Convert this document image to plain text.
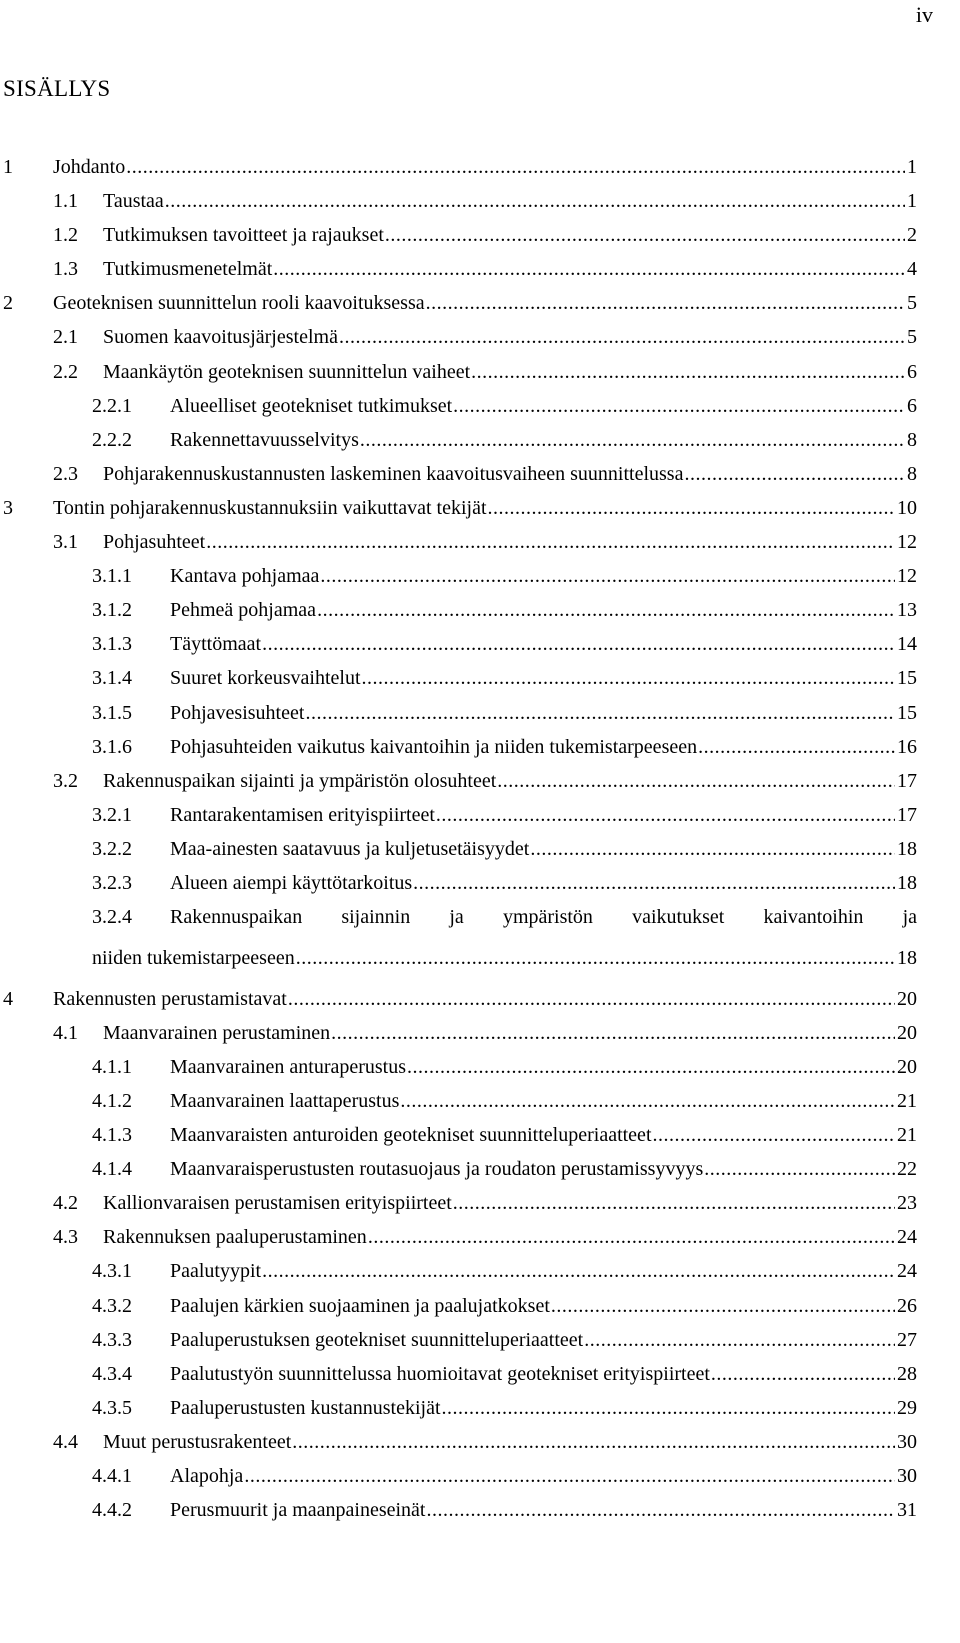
iv
SISÄLLYS
1 Johdanto .....	1
1.1 Taustaa .....	1
1.2 Tutkimuksen tavoitteet ja rajaukset .....	2
1.3 Tutkimusmenetelmät .....	4
2 Geoteknisen suunnittelun rooli kaavoituksessa .....	5
2.1 Suomen kaavoitusjärjestelmä .....	5
2.2 Maankäytön geoteknisen suunnittelun vaiheet .....	6
2.2.1 Alueelliset geotekniset tutkimukset .....	6
2.2.2 Rakennettavuusselvitys .....	8
2.3 Pohjarakennuskustannusten laskeminen kaavoitusvaiheen suunnittelussa .....	8
3 Tontin pohjarakennuskustannuksiin vaikuttavat tekijät .....	10
3.1 Pohjasuhteet .....	12
3.1.1 Kantava pohjamaa .....	12
3.1.2 Pehmeä pohjamaa .....	13
3.1.3 Täyttömaat .....	14
3.1.4 Suuret korkeusvaihtelut .....	15
3.1.5 Pohjavesisuhteet .....	15
3.1.6 Pohjasuhteiden vaikutus kaivantoihin ja niiden tukemistarpeeseen .....	16
3.2 Rakennuspaikan sijainti ja ympäristön olosuhteet .....	17
3.2.1 Rantarakentamisen erityispiirteet .....	17
3.2.2 Maa-ainesten saatavuus ja kuljetusetäisyydet .....	18
3.2.3 Alueen aiempi käyttötarkoitus .....	18
3.2.4 Rakennuspaikan sijainnin ja ympäristön vaikutukset kaivantoihin ja
niiden tukemistarpeeseen .....	18
4 Rakennusten perustamistavat .....	20
4.1 Maanvarainen perustaminen .....	20
4.1.1 Maanvarainen anturaperustus .....	20
4.1.2 Maanvarainen laattaperustus .....	21
4.1.3 Maanvaraisten anturoiden geotekniset suunnitteluperiaatteet .....	21
4.1.4 Maanvaraisperustusten routasuojaus ja roudaton perustamissyvyys .....	22
4.2 Kallionvaraisen perustamisen erityispiirteet .....	23
4.3 Rakennuksen paaluperustaminen .....	24
4.3.1 Paalutyypit .....	24
4.3.2 Paalujen kärkien suojaaminen ja paalujatkokset .....	26
4.3.3 Paaluperustuksen geotekniset suunnitteluperiaatteet .....	27
4.3.4 Paalutustyön suunnittelussa huomioitavat geotekniset erityispiirteet .....	28
4.3.5 Paaluperustusten kustannustekijät .....	29
4.4 Muut perustusrakenteet .....	30
4.4.1 Alapohja .....	30
4.4.2 Perusmuurit ja maanpaineseinät .....	31
